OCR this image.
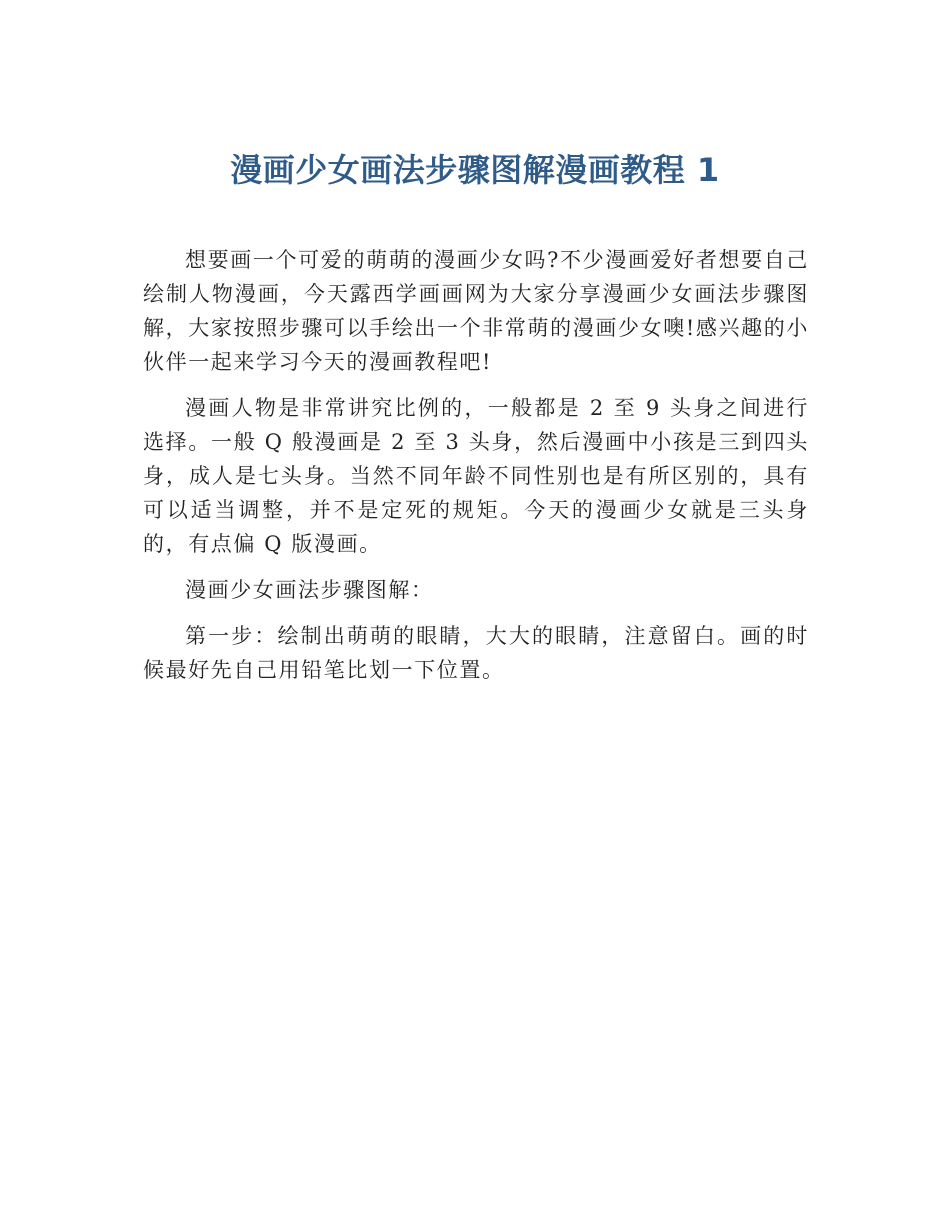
漫画少女画法步骤图解漫画教程 1

想要画一个可爱的萌萌的漫画少女吗?不少漫画爱好者想要自己绘制人物漫画，今天露西学画画网为大家分享漫画少女画法步骤图解，大家按照步骤可以手绘出一个非常萌的漫画少女噢!感兴趣的小伙伴一起来学习今天的漫画教程吧!

漫画人物是非常讲究比例的，一般都是 2 至 9 头身之间进行选择。一般 Q 般漫画是 2 至 3 头身，然后漫画中小孩是三到四头身，成人是七头身。当然不同年龄不同性别也是有所区别的，具有可以适当调整，并不是定死的规矩。今天的漫画少女就是三头身的，有点偏 Q 版漫画。

漫画少女画法步骤图解：

第一步：绘制出萌萌的眼睛，大大的眼睛，注意留白。画的时候最好先自己用铅笔比划一下位置。
